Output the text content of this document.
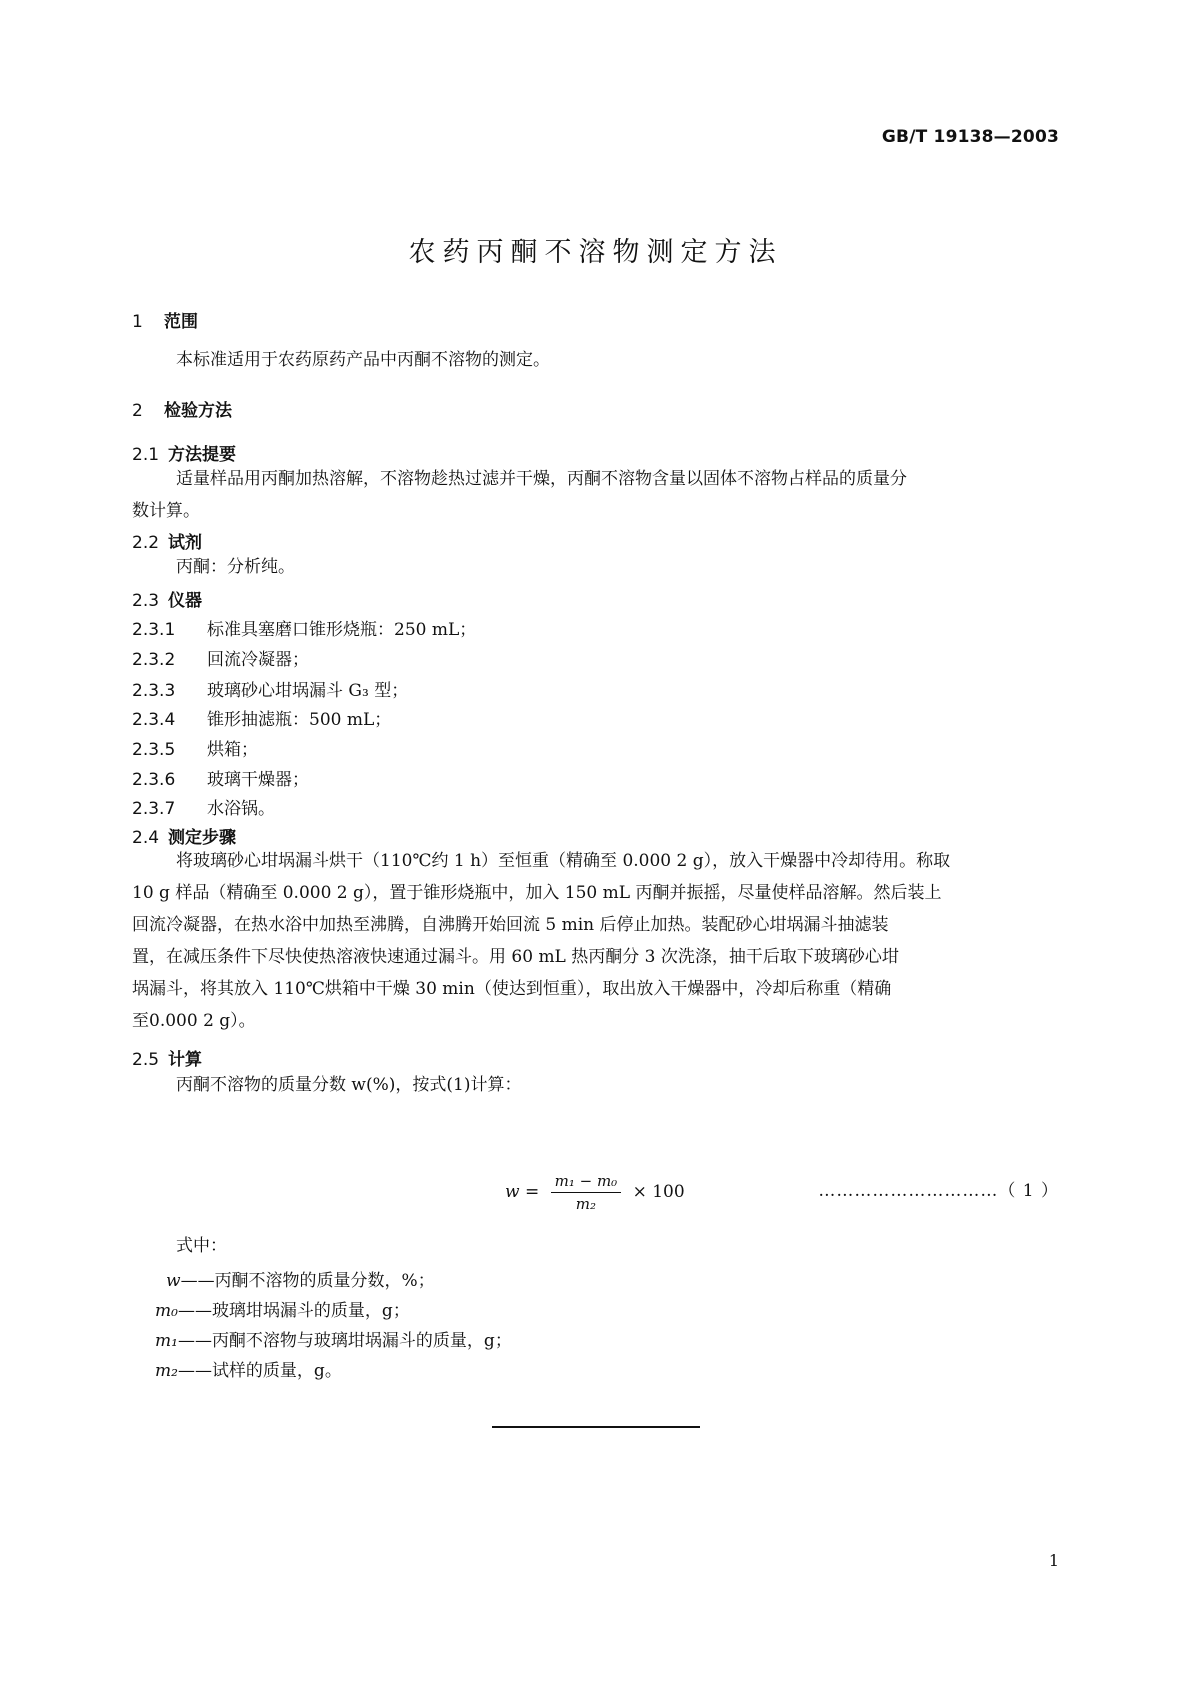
GB/T 19138—2003
农药丙酮不溶物测定方法
1 范围
本标准适用于农药原药产品中丙酮不溶物的测定。
2 检验方法
2.1 方法提要
适量样品用丙酮加热溶解，不溶物趁热过滤并干燥，丙酮不溶物含量以固体不溶物占样品的质量分
数计算。
2.2 试剂
丙酮：分析纯。
2.3 仪器
2.3.1 标准具塞磨口锥形烧瓶：250 mL；
2.3.2 回流冷凝器；
2.3.3 玻璃砂心坩埚漏斗 G₃ 型；
2.3.4 锥形抽滤瓶：500 mL；
2.3.5 烘箱；
2.3.6 玻璃干燥器；
2.3.7 水浴锅。
2.4 测定步骤
将玻璃砂心坩埚漏斗烘干（110℃约 1 h）至恒重（精确至 0.000 2 g），放入干燥器中冷却待用。称取
10 g 样品（精确至 0.000 2 g），置于锥形烧瓶中，加入 150 mL 丙酮并振摇，尽量使样品溶解。然后装上
回流冷凝器，在热水浴中加热至沸腾，自沸腾开始回流 5 min 后停止加热。装配砂心坩埚漏斗抽滤装
置，在减压条件下尽快使热溶液快速通过漏斗。用 60 mL 热丙酮分 3 次洗涤，抽干后取下玻璃砂心坩
埚漏斗，将其放入 110℃烘箱中干燥 30 min（使达到恒重），取出放入干燥器中，冷却后称重（精确
至0.000 2 g）。
2.5 计算
丙酮不溶物的质量分数 w(%)，按式(1)计算：
$w = \frac{\text{m₁ − m₀}}{\text{m₂}} \times 100$	…………………………（ 1 ）
式中：
w——丙酮不溶物的质量分数，%；
m₀——玻璃坩埚漏斗的质量，g；
m₁——丙酮不溶物与玻璃坩埚漏斗的质量，g；
m₂——试样的质量，g。
1
